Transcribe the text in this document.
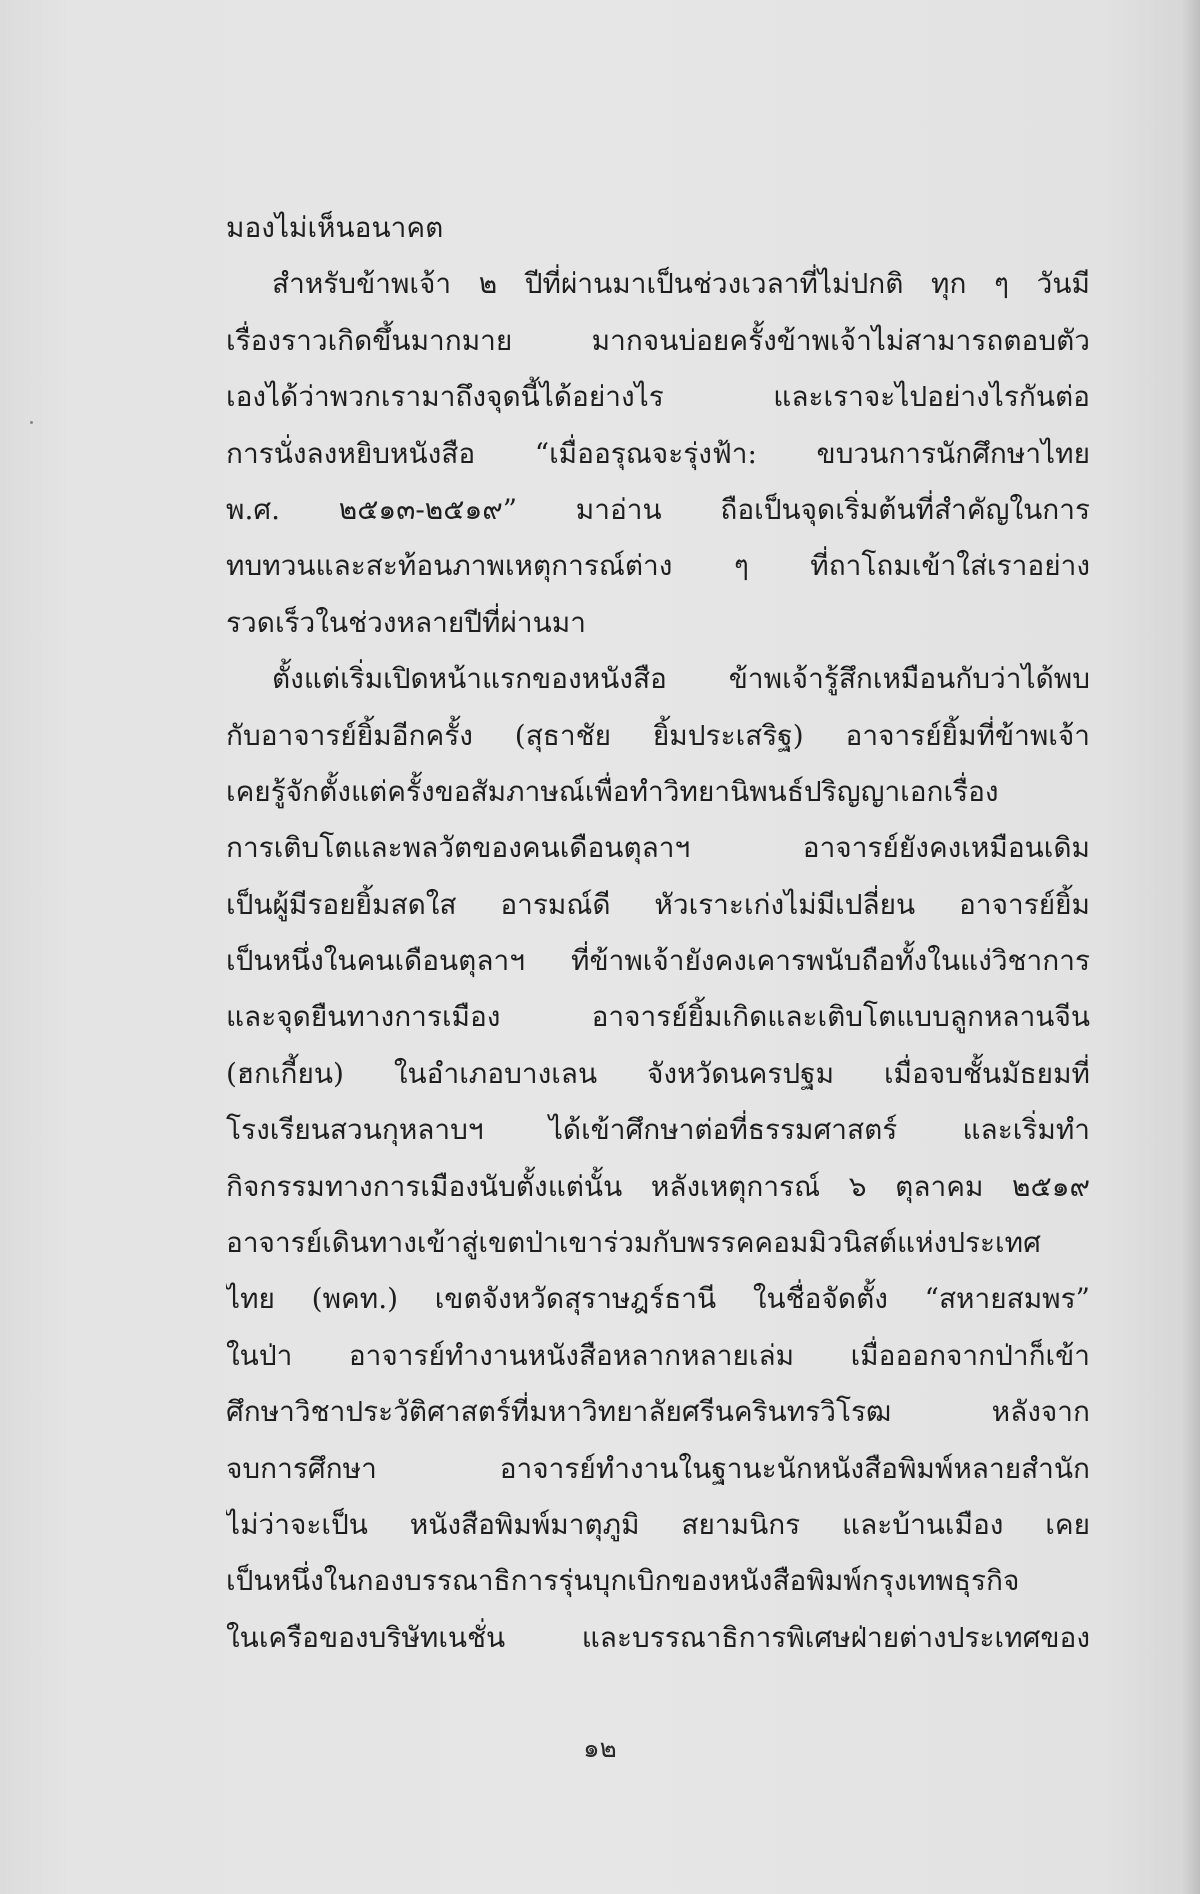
มองไม่เห็นอนาคต
สำหรับข้าพเจ้า ๒ ปีที่ผ่านมาเป็นช่วงเวลาที่ไม่ปกติ ทุก ๆ วันมี
เรื่องราวเกิดขึ้นมากมาย มากจนบ่อยครั้งข้าพเจ้าไม่สามารถตอบตัว
เองได้ว่าพวกเรามาถึงจุดนี้ได้อย่างไร และเราจะไปอย่างไรกันต่อ
การนั่งลงหยิบหนังสือ “เมื่ออรุณจะรุ่งฟ้า: ขบวนการนักศึกษาไทย
พ.ศ. ๒๕๑๓-๒๕๑๙” มาอ่าน ถือเป็นจุดเริ่มต้นที่สำคัญในการ
ทบทวนและสะท้อนภาพเหตุการณ์ต่าง ๆ ที่ถาโถมเข้าใส่เราอย่าง
รวดเร็วในช่วงหลายปีที่ผ่านมา
ตั้งแต่เริ่มเปิดหน้าแรกของหนังสือ ข้าพเจ้ารู้สึกเหมือนกับว่าได้พบ
กับอาจารย์ยิ้มอีกครั้ง (สุธาชัย ยิ้มประเสริฐ) อาจารย์ยิ้มที่ข้าพเจ้า
เคยรู้จักตั้งแต่ครั้งขอสัมภาษณ์เพื่อทำวิทยานิพนธ์ปริญญาเอกเรื่อง
การเติบโตและพลวัตของคนเดือนตุลาฯ อาจารย์ยังคงเหมือนเดิม
เป็นผู้มีรอยยิ้มสดใส อารมณ์ดี หัวเราะเก่งไม่มีเปลี่ยน อาจารย์ยิ้ม
เป็นหนึ่งในคนเดือนตุลาฯ ที่ข้าพเจ้ายังคงเคารพนับถือทั้งในแง่วิชาการ
และจุดยืนทางการเมือง อาจารย์ยิ้มเกิดและเติบโตแบบลูกหลานจีน
(ฮกเกี้ยน) ในอำเภอบางเลน จังหวัดนครปฐม เมื่อจบชั้นมัธยมที่
โรงเรียนสวนกุหลาบฯ ได้เข้าศึกษาต่อที่ธรรมศาสตร์ และเริ่มทำ
กิจกรรมทางการเมืองนับตั้งแต่นั้น หลังเหตุการณ์ ๖ ตุลาคม ๒๕๑๙
อาจารย์เดินทางเข้าสู่เขตป่าเขาร่วมกับพรรคคอมมิวนิสต์แห่งประเทศ
ไทย (พคท.) เขตจังหวัดสุราษฎร์ธานี ในชื่อจัดตั้ง “สหายสมพร”
ในป่า อาจารย์ทำงานหนังสือหลากหลายเล่ม เมื่อออกจากป่าก็เข้า
ศึกษาวิชาประวัติศาสตร์ที่มหาวิทยาลัยศรีนครินทรวิโรฒ หลังจาก
จบการศึกษา อาจารย์ทำงานในฐานะนักหนังสือพิมพ์หลายสำนัก
ไม่ว่าจะเป็น หนังสือพิมพ์มาตุภูมิ สยามนิกร และบ้านเมือง เคย
เป็นหนึ่งในกองบรรณาธิการรุ่นบุกเบิกของหนังสือพิมพ์กรุงเทพธุรกิจ
ในเครือของบริษัทเนชั่น และบรรณาธิการพิเศษฝ่ายต่างประเทศของ
๑๒
